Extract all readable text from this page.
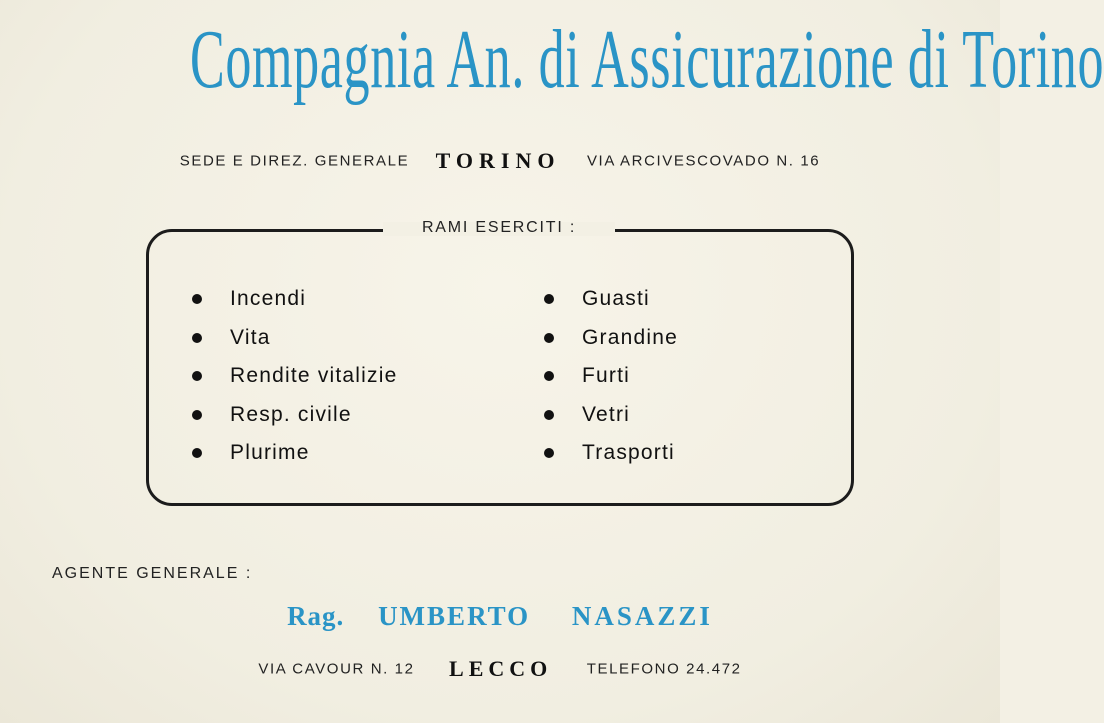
Compagnia An. di Assicurazione di Torino
SEDE E DIREZ. GENERALE TORINO VIA ARCIVESCOVADO N. 16
RAMI ESERCITI :
Incendi
Vita
Rendite vitalizie
Resp. civile
Plurime
Guasti
Grandine
Furti
Vetri
Trasporti
AGENTE GENERALE :
Rag. UMBERTO NASAZZI
VIA CAVOUR N. 12 LECCO TELEFONO 24.472
